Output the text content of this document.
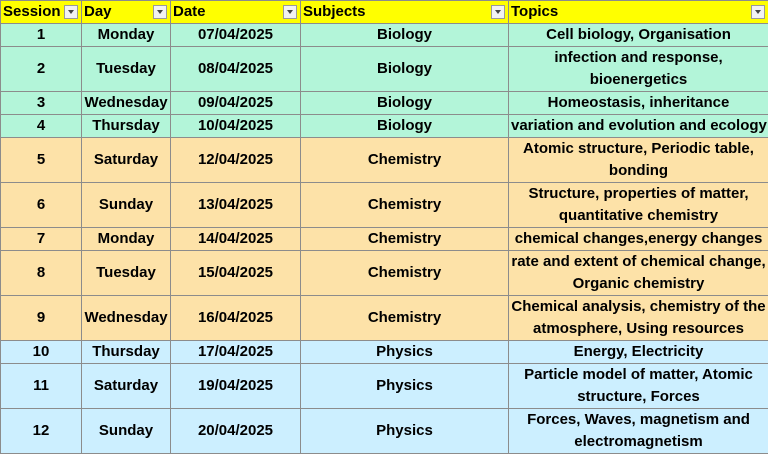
Session	Day	Date	Subjects	Topics

1	Monday	07/04/2025	Biology	Cell biology, Organisation

2	Tuesday	08/04/2025	Biology	infection and response,
bioenergetics

3	Wednesday	09/04/2025	Biology	Homeostasis, inheritance

4	Thursday	10/04/2025	Biology	variation and evolution and ecology

5	Saturday	12/04/2025	Chemistry	Atomic structure, Periodic table,
bonding

6	Sunday	13/04/2025	Chemistry	Structure, properties of matter,
quantitative chemistry

7	Monday	14/04/2025	Chemistry	chemical changes,energy changes

8	Tuesday	15/04/2025	Chemistry	rate and extent of chemical change,
Organic chemistry

9	Wednesday	16/04/2025	Chemistry	Chemical analysis, chemistry of the
atmosphere, Using resources

10	Thursday	17/04/2025	Physics	Energy, Electricity

11	Saturday	19/04/2025	Physics	Particle model of matter, Atomic
structure, Forces

12	Sunday	20/04/2025	Physics	Forces, Waves, magnetism and
electromagnetism
